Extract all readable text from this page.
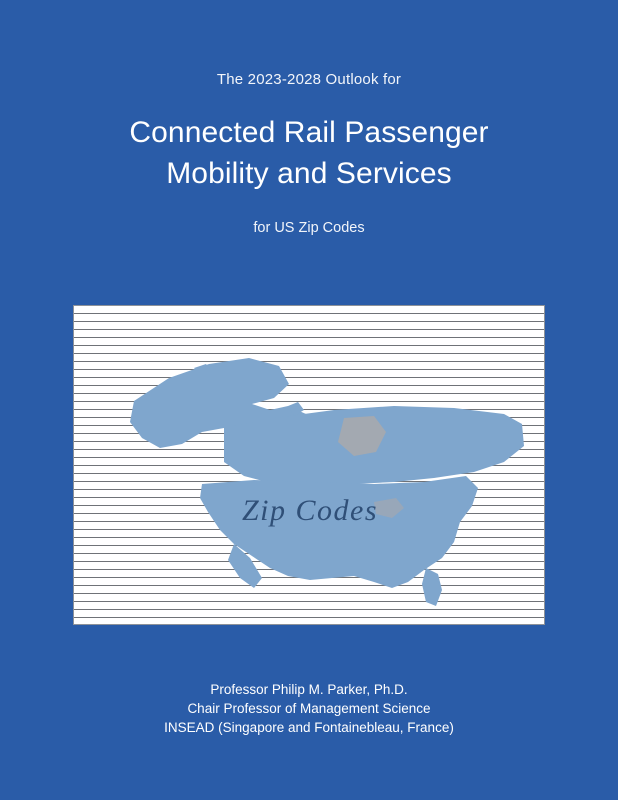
The 2023-2028 Outlook for
Connected Rail Passenger
Mobility and Services
for US Zip Codes
Zip Codes
Professor Philip M. Parker, Ph.D.
Chair Professor of Management Science
INSEAD (Singapore and Fontainebleau, France)
